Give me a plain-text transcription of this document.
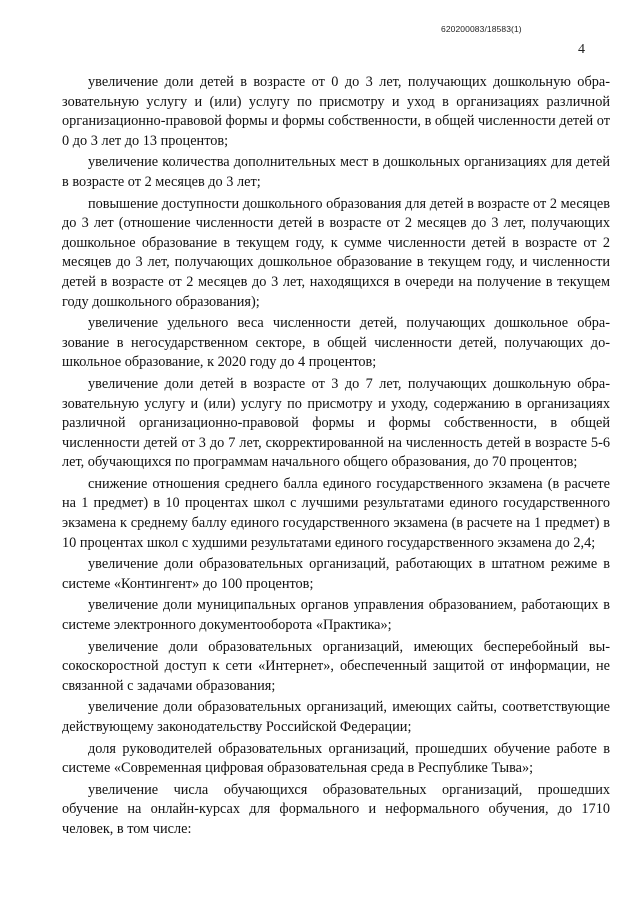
620200083/18583(1)
4

увеличение доли детей в возрасте от 0 до 3 лет, получающих дошкольную образовательную услугу и (или) услугу по присмотру и уход в организациях различной организационно-правовой формы и формы собственности, в общей численности детей от 0 до 3 лет до 13 процентов;

увеличение количества дополнительных мест в дошкольных организациях для детей в возрасте от 2 месяцев до 3 лет;

повышение доступности дошкольного образования для детей в возрасте от 2 месяцев до 3 лет (отношение численности детей в возрасте от 2 месяцев до 3 лет, получающих дошкольное образование в текущем году, к сумме численности детей в возрасте от 2 месяцев до 3 лет, получающих дошкольное образование в текущем году, и численности детей в возрасте от 2 месяцев до 3 лет, находящихся в очереди на получение в текущем году дошкольного образования);

увеличение удельного веса численности детей, получающих дошкольное образование в негосударственном секторе, в общей численности детей, получающих дошкольное образование, к 2020 году до 4 процентов;

увеличение доли детей в возрасте от 3 до 7 лет, получающих дошкольную образовательную услугу и (или) услугу по присмотру и уходу, содержанию в организациях различной организационно-правовой формы и формы собственности, в общей численности детей от 3 до 7 лет, скорректированной на численность детей в возрасте 5-6 лет, обучающихся по программам начального общего образования, до 70 процентов;

снижение отношения среднего балла единого государственного экзамена (в расчете на 1 предмет) в 10 процентах школ с лучшими результатами единого государственного экзамена к среднему баллу единого государственного экзамена (в расчете на 1 предмет) в 10 процентах школ с худшими результатами единого государственного экзамена до 2,4;

увеличение доли образовательных организаций, работающих в штатном режиме в системе «Контингент» до 100 процентов;

увеличение доли муниципальных органов управления образованием, работающих в системе электронного документооборота «Практика»;

увеличение доли образовательных организаций, имеющих бесперебойный высокоскоростной доступ к сети «Интернет», обеспеченный защитой от информации, не связанной с задачами образования;

увеличение доли образовательных организаций, имеющих сайты, соответствующие действующему законодательству Российской Федерации;

доля руководителей образовательных организаций, прошедших обучение работе в системе «Современная цифровая образовательная среда в Республике Тыва»;

увеличение числа обучающихся образовательных организаций, прошедших обучение на онлайн-курсах для формального и неформального обучения, до 1710 человек, в том числе:
